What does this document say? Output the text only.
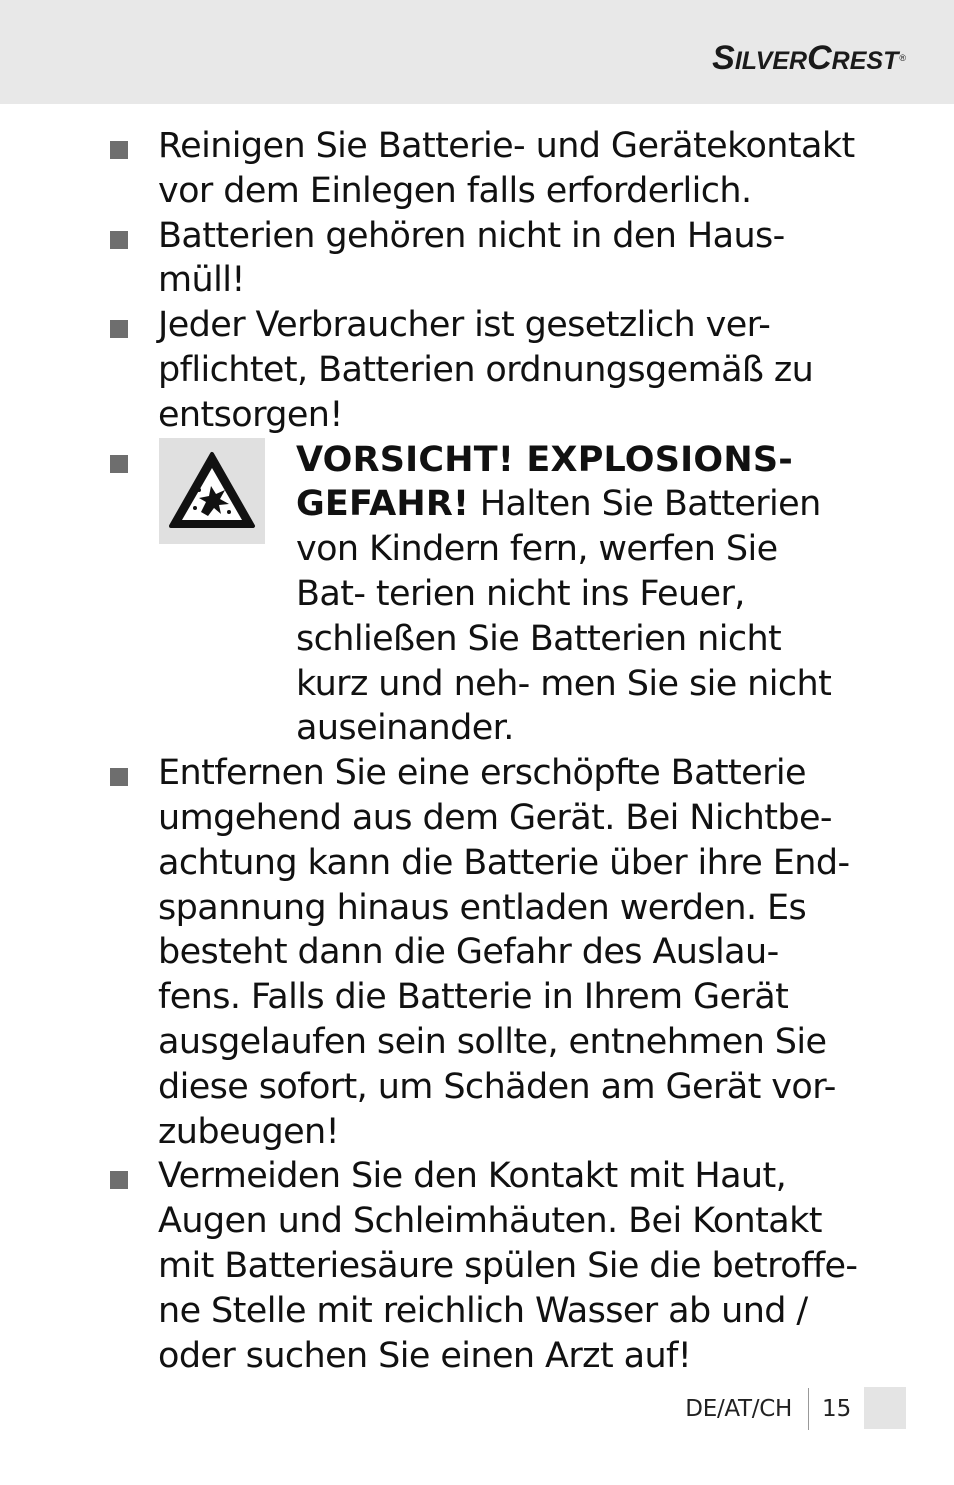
SILVERCREST®
Reinigen Sie Batterie- und Gerätekontakt vor dem Einlegen falls erforderlich.
Batterien gehören nicht in den Haus- müll!
Jeder Verbraucher ist gesetzlich ver- pflichtet, Batterien ordnungsgemäß zu entsorgen!
VORSICHT! EXPLOSIONS- GEFAHR! Halten Sie Batterien von Kindern fern, werfen Sie Bat- terien nicht ins Feuer, schließen Sie Batterien nicht kurz und neh- men Sie sie nicht auseinander.
Entfernen Sie eine erschöpfte Batterie umgehend aus dem Gerät. Bei Nichtbe- achtung kann die Batterie über ihre End- spannung hinaus entladen werden. Es besteht dann die Gefahr des Auslau- fens. Falls die Batterie in Ihrem Gerät ausgelaufen sein sollte, entnehmen Sie diese sofort, um Schäden am Gerät vor- zubeugen!
Vermeiden Sie den Kontakt mit Haut, Augen und Schleimhäuten. Bei Kontakt mit Batteriesäure spülen Sie die betroffe- ne Stelle mit reichlich Wasser ab und / oder suchen Sie einen Arzt auf!
DE/AT/CH 15
